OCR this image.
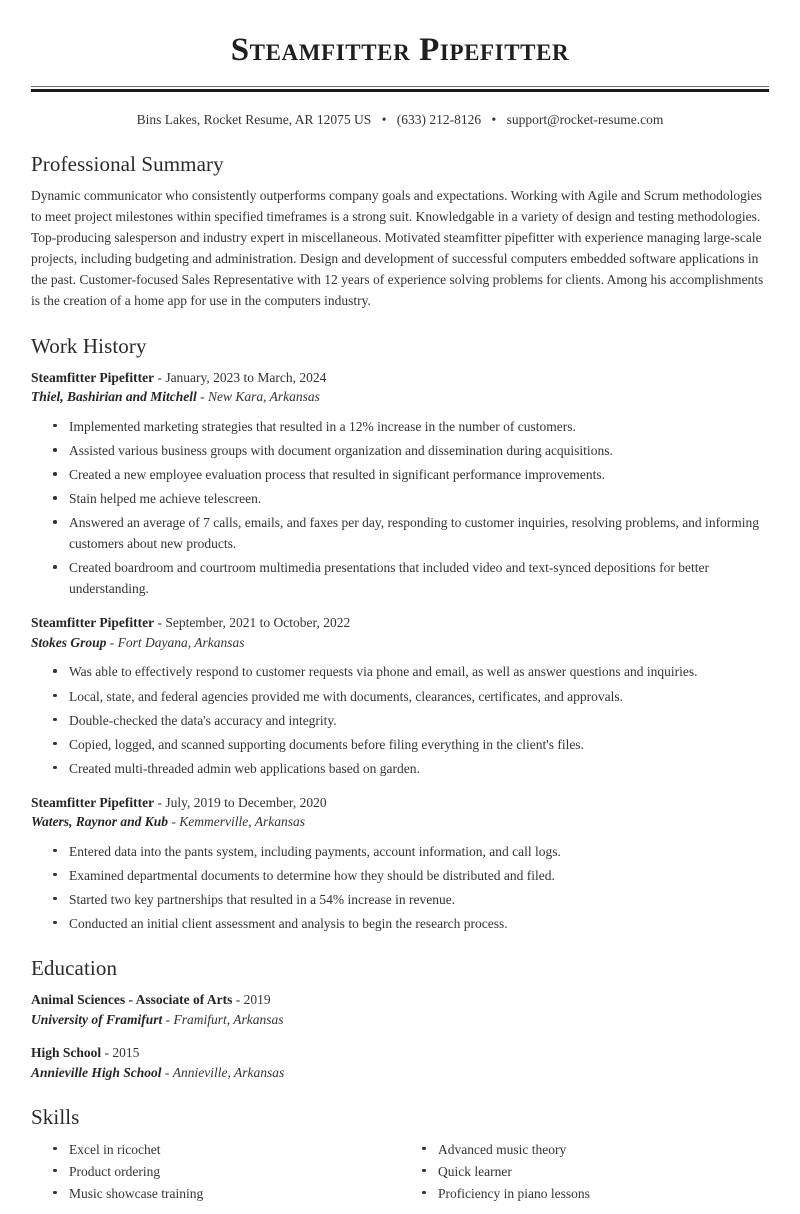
Steamfitter Pipefitter
Bins Lakes, Rocket Resume, AR 12075 US • (633) 212-8126 • support@rocket-resume.com
Professional Summary

Dynamic communicator who consistently outperforms company goals and expectations. Working with Agile and Scrum methodologies to meet project milestones within specified timeframes is a strong suit. Knowledgable in a variety of design and testing methodologies. Top-producing salesperson and industry expert in miscellaneous. Motivated steamfitter pipefitter with experience managing large-scale projects, including budgeting and administration. Design and development of successful computers embedded software applications in the past. Customer-focused Sales Representative with 12 years of experience solving problems for clients. Among his accomplishments is the creation of a home app for use in the computers industry.

Work History
Steamfitter Pipefitter - January, 2023 to March, 2024
Thiel, Bashirian and Mitchell - New Kara, Arkansas
Implemented marketing strategies that resulted in a 12% increase in the number of customers.
Assisted various business groups with document organization and dissemination during acquisitions.
Created a new employee evaluation process that resulted in significant performance improvements.
Stain helped me achieve telescreen.
Answered an average of 7 calls, emails, and faxes per day, responding to customer inquiries, resolving problems, and informing customers about new products.
Created boardroom and courtroom multimedia presentations that included video and text-synced depositions for better understanding.
Steamfitter Pipefitter - September, 2021 to October, 2022
Stokes Group - Fort Dayana, Arkansas
Was able to effectively respond to customer requests via phone and email, as well as answer questions and inquiries.
Local, state, and federal agencies provided me with documents, clearances, certificates, and approvals.
Double-checked the data's accuracy and integrity.
Copied, logged, and scanned supporting documents before filing everything in the client's files.
Created multi-threaded admin web applications based on garden.
Steamfitter Pipefitter - July, 2019 to December, 2020
Waters, Raynor and Kub - Kemmerville, Arkansas
Entered data into the pants system, including payments, account information, and call logs.
Examined departmental documents to determine how they should be distributed and filed.
Started two key partnerships that resulted in a 54% increase in revenue.
Conducted an initial client assessment and analysis to begin the research process.
Education
Animal Sciences - Associate of Arts - 2019
University of Framifurt - Framifurt, Arkansas
High School - 2015
Annieville High School - Annieville, Arkansas
Skills
Excel in ricochet
Product ordering
Music showcase training
Advanced music theory
Quick learner
Proficiency in piano lessons
